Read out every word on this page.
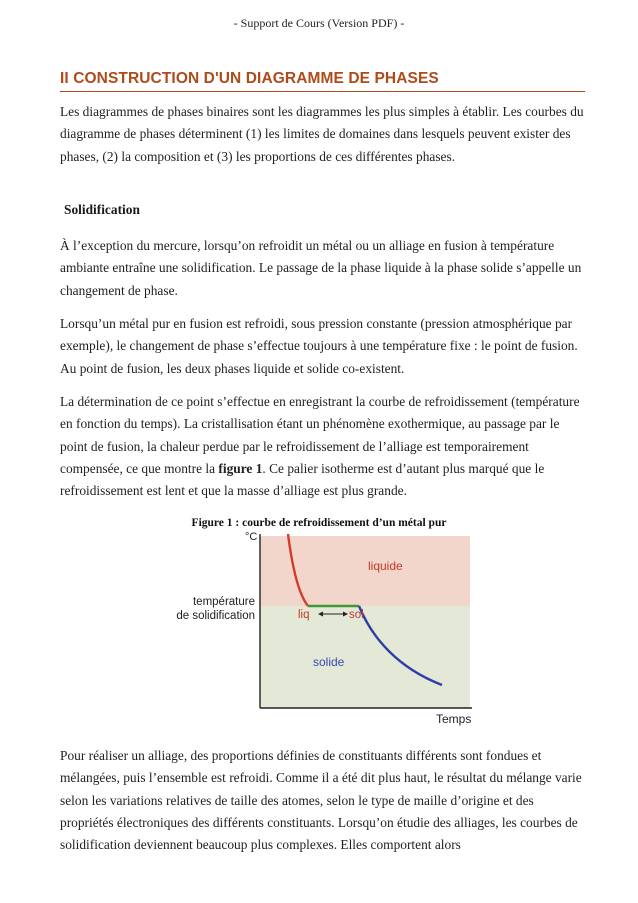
- Support de Cours (Version PDF) -
II CONSTRUCTION D'UN DIAGRAMME DE PHASES

Les diagrammes de phases binaires sont les diagrammes les plus simples à établir. Les courbes du diagramme de phases déterminent (1) les limites de domaines dans lesquels peuvent exister des phases, (2) la composition et (3) les proportions de ces différentes phases.

Solidification

À l’exception du mercure, lorsqu’on refroidit un métal ou un alliage en fusion à température ambiante entraîne une solidification. Le passage de la phase liquide à la phase solide s’appelle un changement de phase.

Lorsqu’un métal pur en fusion est refroidi, sous pression constante (pression atmosphérique par exemple), le changement de phase s’effectue toujours à une température fixe : le point de fusion. Au point de fusion, les deux phases liquide et solide co-existent.

La détermination de ce point s’effectue en enregistrant la courbe de refroidissement (température en fonction du temps). La cristallisation étant un phénomène exothermique, au passage par le point de fusion, la chaleur perdue par le refroidissement de l’alliage est temporairement compensée, ce que montre la figure 1. Ce palier isotherme est d’autant plus marqué que le refroidissement est lent et que la masse d’alliage est plus grande.

Figure 1 : courbe de refroidissement d’un métal pur
°C
température
de solidification
liquide
solide
liq	sol
Temps

Pour réaliser un alliage, des proportions définies de constituants différents sont fondues et mélangées, puis l’ensemble est refroidi. Comme il a été dit plus haut, le résultat du mélange varie selon les variations relatives de taille des atomes, selon le type de maille d’origine et des propriétés électroniques des différents constituants. Lorsqu’on étudie des alliages, les courbes de solidification deviennent beaucoup plus complexes. Elles comportent alors
